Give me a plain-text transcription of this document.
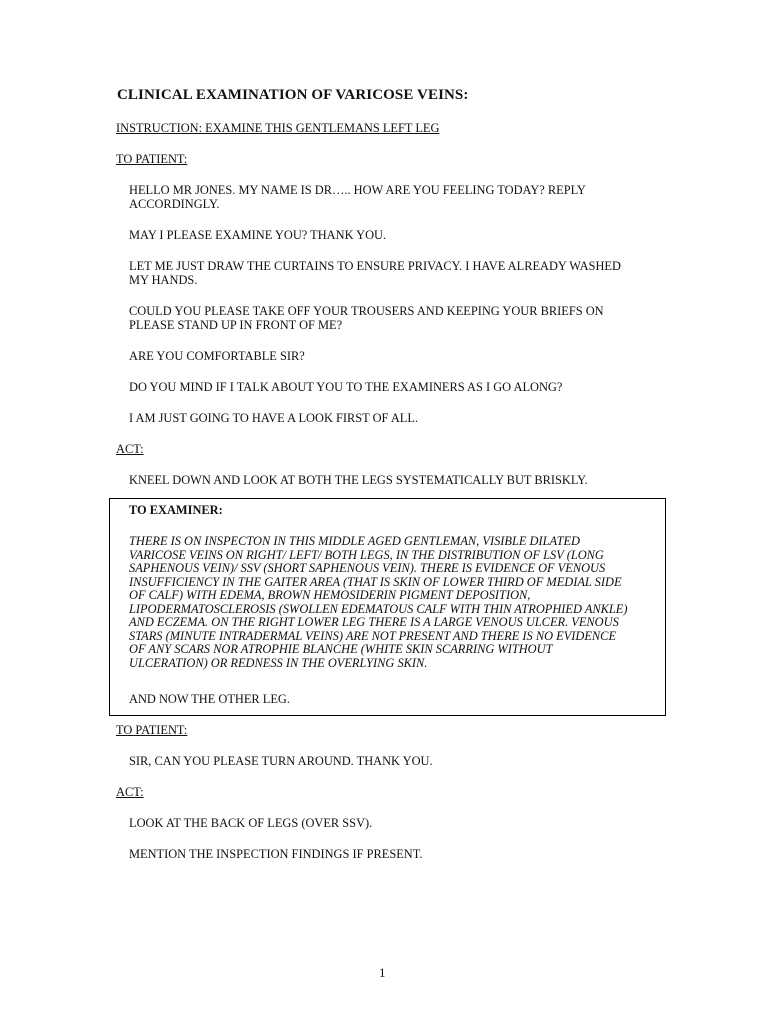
CLINICAL EXAMINATION OF VARICOSE VEINS:
INSTRUCTION: EXAMINE THIS GENTLEMANS LEFT LEG
TO PATIENT:
HELLO MR JONES. MY NAME IS DR….. HOW ARE YOU FEELING TODAY? REPLY
ACCORDINGLY.
MAY I PLEASE EXAMINE YOU? THANK YOU.
LET ME JUST DRAW THE CURTAINS TO ENSURE PRIVACY. I HAVE ALREADY WASHED
MY HANDS.
COULD YOU PLEASE TAKE OFF YOUR TROUSERS AND KEEPING YOUR BRIEFS ON
PLEASE STAND UP IN FRONT OF ME?
ARE YOU COMFORTABLE SIR?
DO YOU MIND IF I TALK ABOUT YOU TO THE EXAMINERS AS I GO ALONG?
I AM JUST GOING TO HAVE A LOOK FIRST OF ALL.
ACT:
KNEEL DOWN AND LOOK AT BOTH THE LEGS SYSTEMATICALLY BUT BRISKLY.
TO EXAMINER:

THERE IS ON INSPECTON IN THIS MIDDLE AGED GENTLEMAN, VISIBLE DILATED
VARICOSE VEINS ON RIGHT/ LEFT/ BOTH LEGS, IN THE DISTRIBUTION OF LSV (LONG
SAPHENOUS VEIN)/ SSV (SHORT SAPHENOUS VEIN). THERE IS EVIDENCE OF VENOUS
INSUFFICIENCY IN THE GAITER AREA (THAT IS SKIN OF LOWER THIRD OF MEDIAL SIDE
OF CALF) WITH EDEMA, BROWN HEMOSIDERIN PIGMENT DEPOSITION,
LIPODERMATOSCLEROSIS (SWOLLEN EDEMATOUS CALF WITH THIN ATROPHIED ANKLE)
AND ECZEMA. ON THE RIGHT LOWER LEG THERE IS A LARGE VENOUS ULCER. VENOUS
STARS (MINUTE INTRADERMAL VEINS) ARE NOT PRESENT AND THERE IS NO EVIDENCE
OF ANY SCARS NOR ATROPHIE BLANCHE (WHITE SKIN SCARRING WITHOUT
ULCERATION) OR REDNESS IN THE OVERLYING SKIN.

AND NOW THE OTHER LEG.
TO PATIENT:
SIR, CAN YOU PLEASE TURN AROUND. THANK YOU.
ACT:
LOOK AT THE BACK OF LEGS (OVER SSV).
MENTION THE INSPECTION FINDINGS IF PRESENT.
1
